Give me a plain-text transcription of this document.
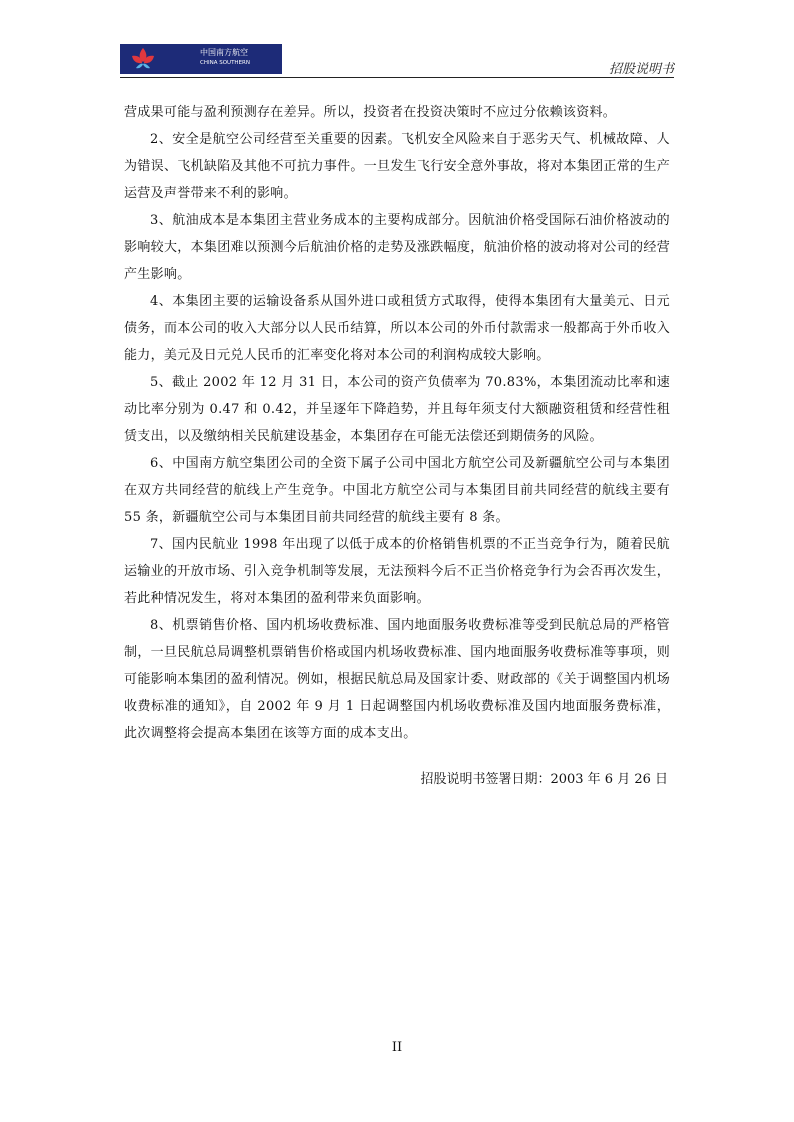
中国南方航空
CHINA SOUTHERN	招股说明书

营成果可能与盈利预测存在差异。所以，投资者在投资决策时不应过分依赖该资料。

2、安全是航空公司经营至关重要的因素。飞机安全风险来自于恶劣天气、机械故障、人为错误、飞机缺陷及其他不可抗力事件。一旦发生飞行安全意外事故，将对本集团正常的生产运营及声誉带来不利的影响。

3、航油成本是本集团主营业务成本的主要构成部分。因航油价格受国际石油价格波动的影响较大，本集团难以预测今后航油价格的走势及涨跌幅度，航油价格的波动将对公司的经营产生影响。

4、本集团主要的运输设备系从国外进口或租赁方式取得，使得本集团有大量美元、日元债务，而本公司的收入大部分以人民币结算，所以本公司的外币付款需求一般都高于外币收入能力，美元及日元兑人民币的汇率变化将对本公司的利润构成较大影响。

5、截止 2002 年 12 月 31 日，本公司的资产负债率为 70.83%，本集团流动比率和速动比率分别为 0.47 和 0.42，并呈逐年下降趋势，并且每年须支付大额融资租赁和经营性租赁支出，以及缴纳相关民航建设基金，本集团存在可能无法偿还到期债务的风险。

6、中国南方航空集团公司的全资下属子公司中国北方航空公司及新疆航空公司与本集团在双方共同经营的航线上产生竞争。中国北方航空公司与本集团目前共同经营的航线主要有 55 条，新疆航空公司与本集团目前共同经营的航线主要有 8 条。

7、国内民航业 1998 年出现了以低于成本的价格销售机票的不正当竞争行为，随着民航运输业的开放市场、引入竞争机制等发展，无法预料今后不正当价格竞争行为会否再次发生，若此种情况发生，将对本集团的盈利带来负面影响。

8、机票销售价格、国内机场收费标准、国内地面服务收费标准等受到民航总局的严格管制，一旦民航总局调整机票销售价格或国内机场收费标准、国内地面服务收费标准等事项，则可能影响本集团的盈利情况。例如，根据民航总局及国家计委、财政部的《关于调整国内机场收费标准的通知》，自 2002 年 9 月 1 日起调整国内机场收费标准及国内地面服务费标准，此次调整将会提高本集团在该等方面的成本支出。

招股说明书签署日期：2003 年 6 月 26 日
II
